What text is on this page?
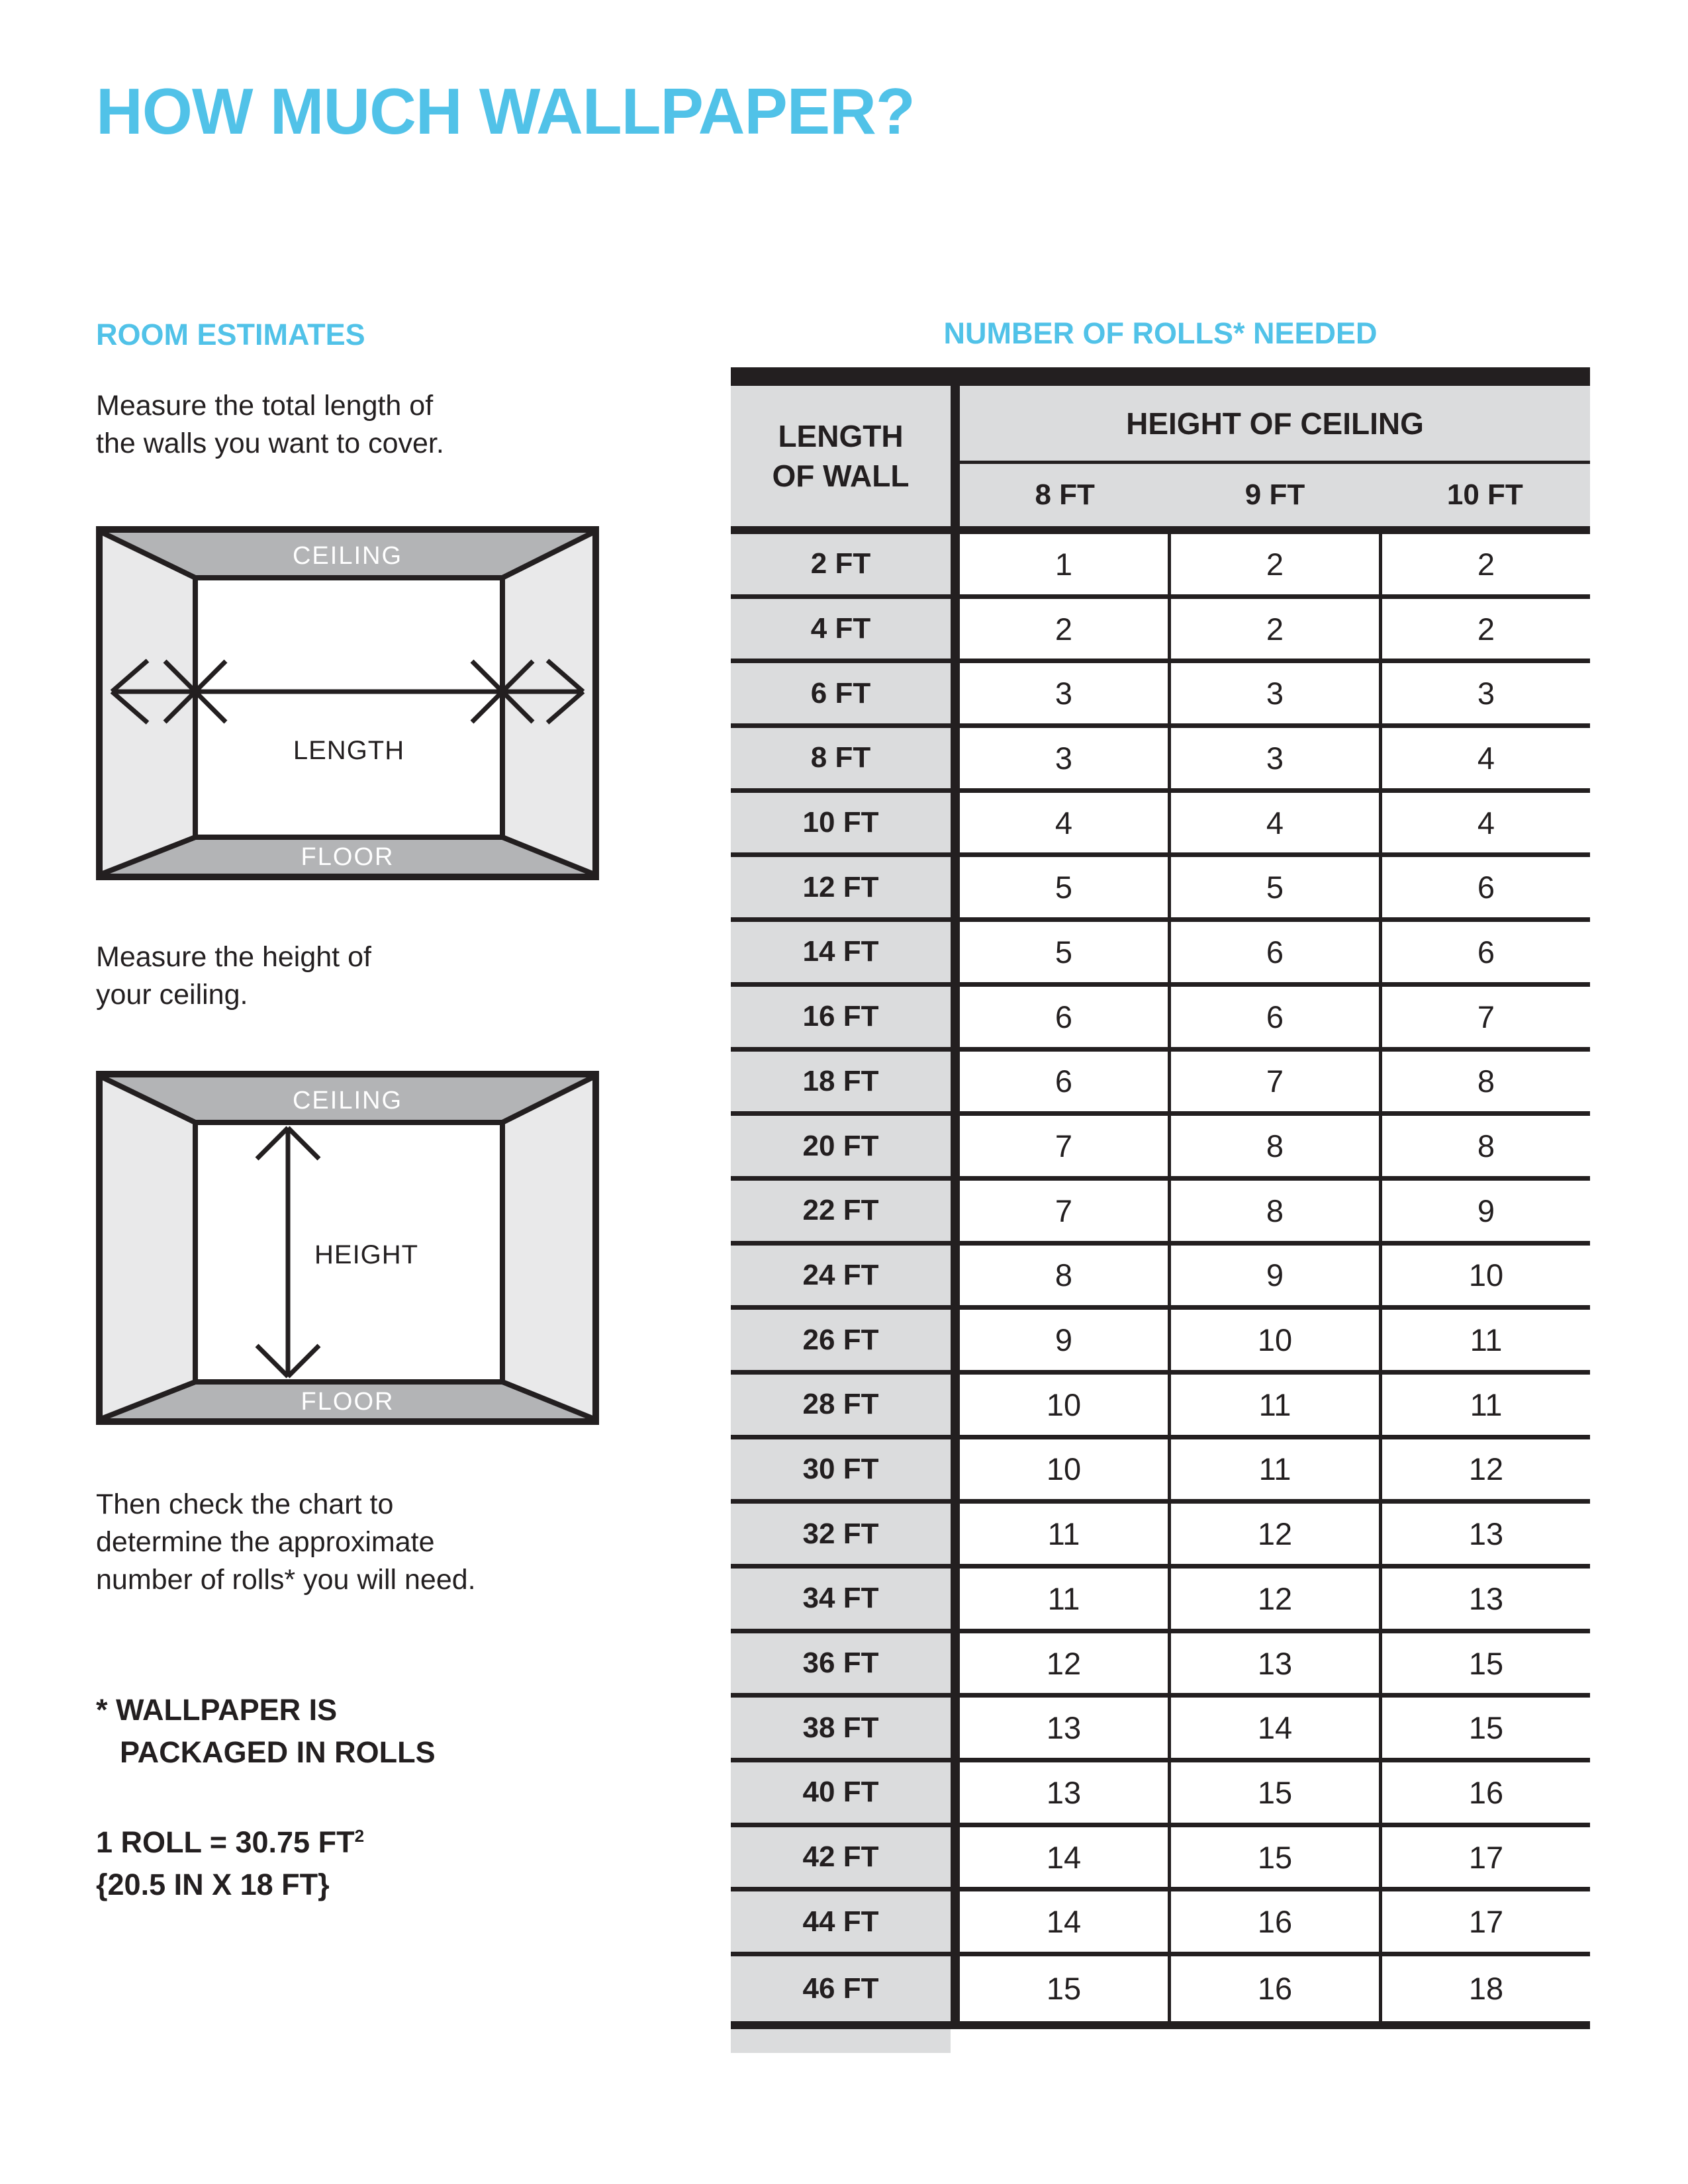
HOW MUCH WALLPAPER?
ROOM ESTIMATES
Measure the total length of
the walls you want to cover.
CEILING
FLOOR
LENGTH
Measure the height of
your ceiling.
CEILING
FLOOR
HEIGHT
Then check the chart to
determine the approximate
number of rolls* you will need.
* WALLPAPER IS
PACKAGED IN ROLLS
1 ROLL = 30.75 $FT^2$
{20.5 IN X 18 FT}
NUMBER OF ROLLS* NEEDED
LENGTH
OF WALL
HEIGHT OF CEILING
8 FT	9 FT	10 FT
2 FT	1	2	2
4 FT	2	2	2
6 FT	3	3	3
8 FT	3	3	4
10 FT	4	4	4
12 FT	5	5	6
14 FT	5	6	6
16 FT	6	6	7
18 FT	6	7	8
20 FT	7	8	8
22 FT	7	8	9
24 FT	8	9	10
26 FT	9	10	11
28 FT	10	11	11
30 FT	10	11	12
32 FT	11	12	13
34 FT	11	12	13
36 FT	12	13	15
38 FT	13	14	15
40 FT	13	15	16
42 FT	14	15	17
44 FT	14	16	17
46 FT	15	16	18
